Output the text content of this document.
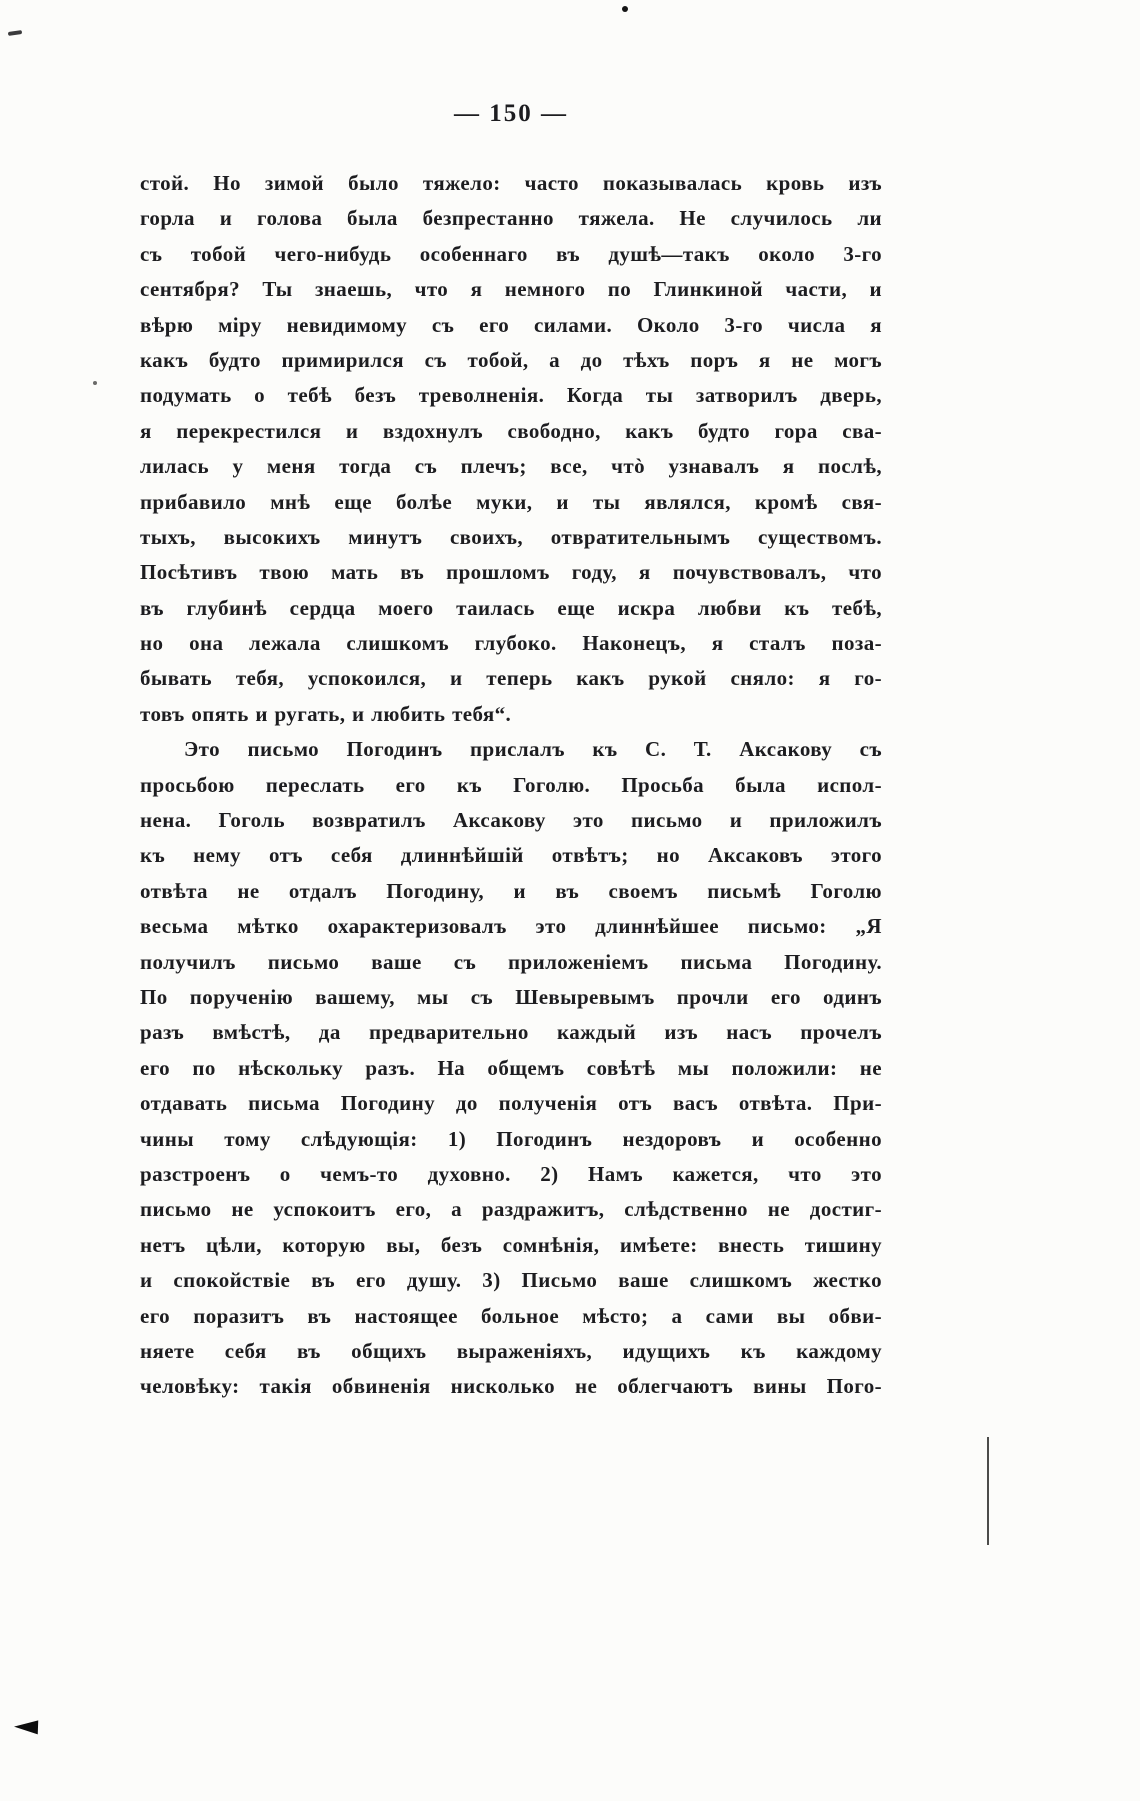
— 150 —
стой. Но зимой было тяжело: часто показывалась кровь изъ
горла и голова была безпрестанно тяжела. Не случилось ли
съ тобой чего-нибудь особеннаго въ душѣ—такъ около 3-го
сентября? Ты знаешь, что я немного по Глинкиной части, и
вѣрю міру невидимому съ его силами. Около 3-го числа я
какъ будто примирился съ тобой, а до тѣхъ поръ я не могъ
подумать о тебѣ безъ треволненія. Когда ты затворилъ дверь,
я перекрестился и вздохнулъ свободно, какъ будто гора сва-
лилась у меня тогда съ плечъ; все, чтò узнавалъ я послѣ,
прибавило мнѣ еще болѣе муки, и ты являлся, кромѣ свя-
тыхъ, высокихъ минутъ своихъ, отвратительнымъ существомъ.
Посѣтивъ твою мать въ прошломъ году, я почувствовалъ, что
въ глубинѣ сердца моего таилась еще искра любви къ тебѣ,
но она лежала слишкомъ глубоко. Наконецъ, я сталъ поза-
бывать тебя, успокоился, и теперь какъ рукой сняло: я го-
товъ опять и ругать, и любить тебя“.
Это письмо Погодинъ прислалъ къ С. Т. Аксакову съ
просьбою переслать его къ Гоголю. Просьба была испол-
нена. Гоголь возвратилъ Аксакову это письмо и приложилъ
къ нему отъ себя длиннѣйшій отвѣтъ; но Аксаковъ этого
отвѣта не отдалъ Погодину, и въ своемъ письмѣ Гоголю
весьма мѣтко охарактеризовалъ это длиннѣйшее письмо: „Я
получилъ письмо ваше съ приложеніемъ письма Погодину.
По порученію вашему, мы съ Шевыревымъ прочли его одинъ
разъ вмѣстѣ, да предварительно каждый изъ насъ прочелъ
его по нѣскольку разъ. На общемъ совѣтѣ мы положили: не
отдавать письма Погодину до полученія отъ васъ отвѣта. При-
чины тому слѣдующія: 1) Погодинъ нездоровъ и особенно
разстроенъ о чемъ-то духовно. 2) Намъ кажется, что это
письмо не успокоитъ его, а раздражитъ, слѣдственно не достиг-
нетъ цѣли, которую вы, безъ сомнѣнія, имѣете: внесть тишину
и спокойствіе въ его душу. 3) Письмо ваше слишкомъ жестко
его поразитъ въ настоящее больное мѣсто; а сами вы обви-
няете себя въ общихъ выраженіяхъ, идущихъ къ каждому
человѣку: такія обвиненія нисколько не облегчаютъ вины Пого-
